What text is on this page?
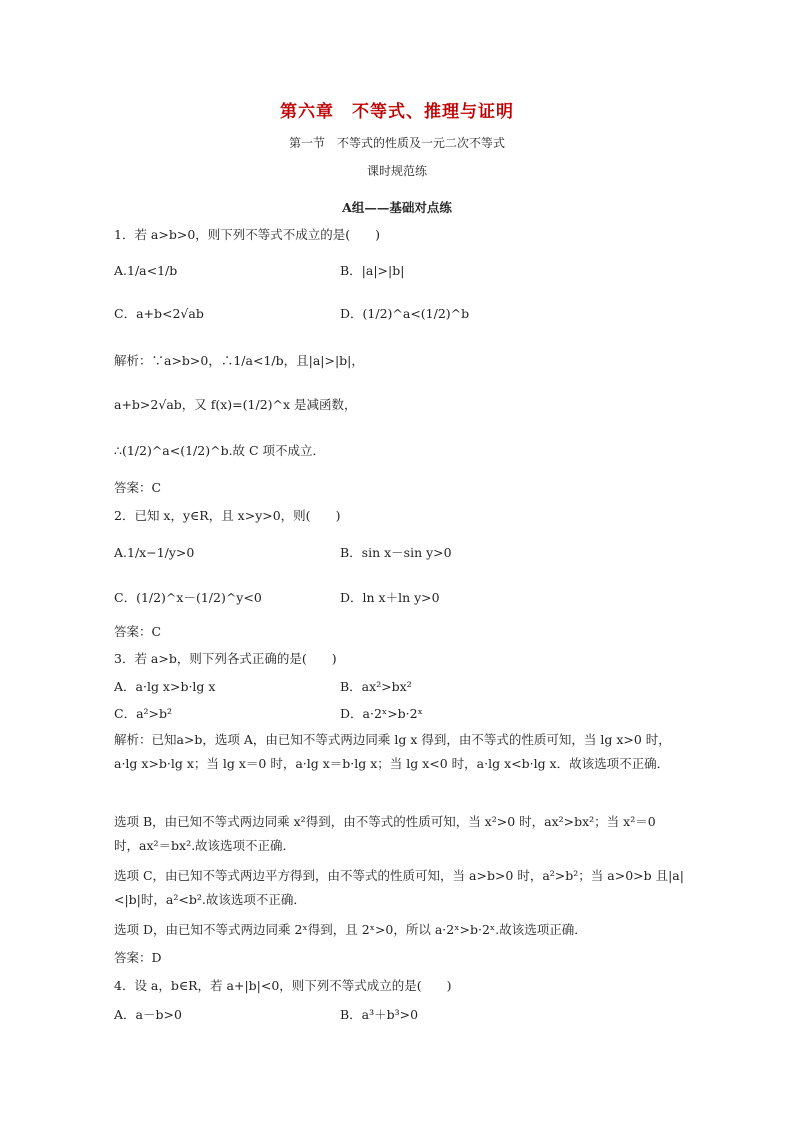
第六章　不等式、推理与证明
第一节　不等式的性质及一元二次不等式
课时规范练
A组——基础对点练
1．若 a>b>0，则下列不等式不成立的是(　　)
A.1/a<1/b	B．|a|>|b|
C．a+b<2√ab	D．(1/2)^a<(1/2)^b
解析：∵a>b>0，∴1/a<1/b，且|a|>|b|，
a+b>2√ab，又 f(x)=(1/2)^x 是减函数，
∴(1/2)^a<(1/2)^b.故 C 项不成立．
答案：C
2．已知 x，y∈R，且 x>y>0，则(　　)
A.1/x−1/y>0	B．sin x－sin y>0
C．(1/2)^x－(1/2)^y<0	D．ln x＋ln y>0
答案：C
3．若 a>b，则下列各式正确的是(　　)
A．a·lg x>b·lg x	B．ax²>bx²
C．a²>b²	D．a·2ˣ>b·2ˣ
解析：已知a>b，选项 A，由已知不等式两边同乘 lg x 得到，由不等式的性质可知，当 lg x>0 时，a·lg x>b·lg x；当 lg x＝0 时，a·lg x＝b·lg x；当 lg x<0 时，a·lg x<b·lg x．故该选项不正确．
选项 B，由已知不等式两边同乘 x²得到，由不等式的性质可知，当 x²>0 时，ax²>bx²；当 x²＝0 时，ax²＝bx².故该选项不正确．
选项 C，由已知不等式两边平方得到，由不等式的性质可知，当 a>b>0 时，a²>b²；当 a>0>b 且|a|<|b|时，a²<b².故该选项不正确．
选项 D，由已知不等式两边同乘 2ˣ得到，且 2ˣ>0，所以 a·2ˣ>b·2ˣ.故该选项正确．
答案：D
4．设 a，b∈R，若 a+|b|<0，则下列不等式成立的是(　　)
A．a－b>0	B．a³＋b³>0
